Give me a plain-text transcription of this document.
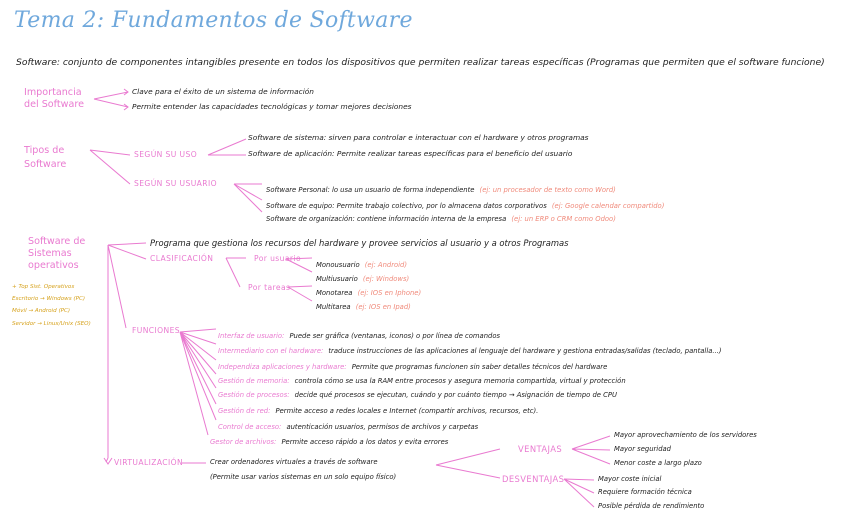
Tema 2: Fundamentos de Software
Software: conjunto de componentes intangibles presente en todos los dispositivos que permiten realizar tareas específicas (Programas que permiten que el software funcione)
Importancia del Software
Clave para el éxito de un sistema de información
Permite entender las capacidades tecnológicas y tomar mejores decisiones
Tipos de Software
SEGÚN SU USO
Software de sistema: sirven para controlar e interactuar con el hardware y otros programas
Software de aplicación: Permite realizar tareas específicas para el beneficio del usuario
SEGÚN SU USUARIO
Software Personal: lo usa un usuario de forma independiente (ej: un procesador de texto como Word)
Software de equipo: Permite trabajo colectivo, por lo almacena datos corporativos (ej: Google calendar compartido)
Software de organización: contiene información interna de la empresa (ej: un ERP o CRM como Odoo)
Software de Sistemas operativos
Programa que gestiona los recursos del hardware y provee servicios al usuario y a otros Programas
CLASIFICACIÓN	Por usuario
Por tareas
Monousuario (ej: Android)
Multiusuario (ej: Windows)
Monotarea (ej: IOS en Iphone)
Multitarea (ej: IOS en Ipad)
+ Top Sist. Operativos
Escritorio → Windows (PC)
Móvil → Android (PC)
Servidor → Linux/Unix (SEO)
FUNCIONES
Interfaz de usuario: Puede ser gráfica (ventanas, iconos) o por línea de comandos
Intermediario con el hardware: traduce instrucciones de las aplicaciones al lenguaje del hardware y gestiona entradas/salidas (teclado, pantalla...)
Independiza aplicaciones y hardware: Permite que programas funcionen sin saber detalles técnicos del hardware
Gestión de memoria: controla cómo se usa la RAM entre procesos y asegura memoria compartida, virtual y protección
Gestión de procesos: decide qué procesos se ejecutan, cuándo y por cuánto tiempo → Asignación de tiempo de CPU
Gestión de red: Permite acceso a redes locales e Internet (compartir archivos, recursos, etc).
Control de acceso: autenticación usuarios, permisos de archivos y carpetas
Gestor de archivos: Permite acceso rápido a los datos y evita errores
VIRTUALIZACIÓN	Crear ordenadores virtuales a través de software
(Permite usar varios sistemas en un solo equipo físico)
VENTAJAS
Mayor aprovechamiento de los servidores
Mayor seguridad
Menor coste a largo plazo
DESVENTAJAS	Mayor coste inicial
Requiere formación técnica
Posible pérdida de rendimiento
